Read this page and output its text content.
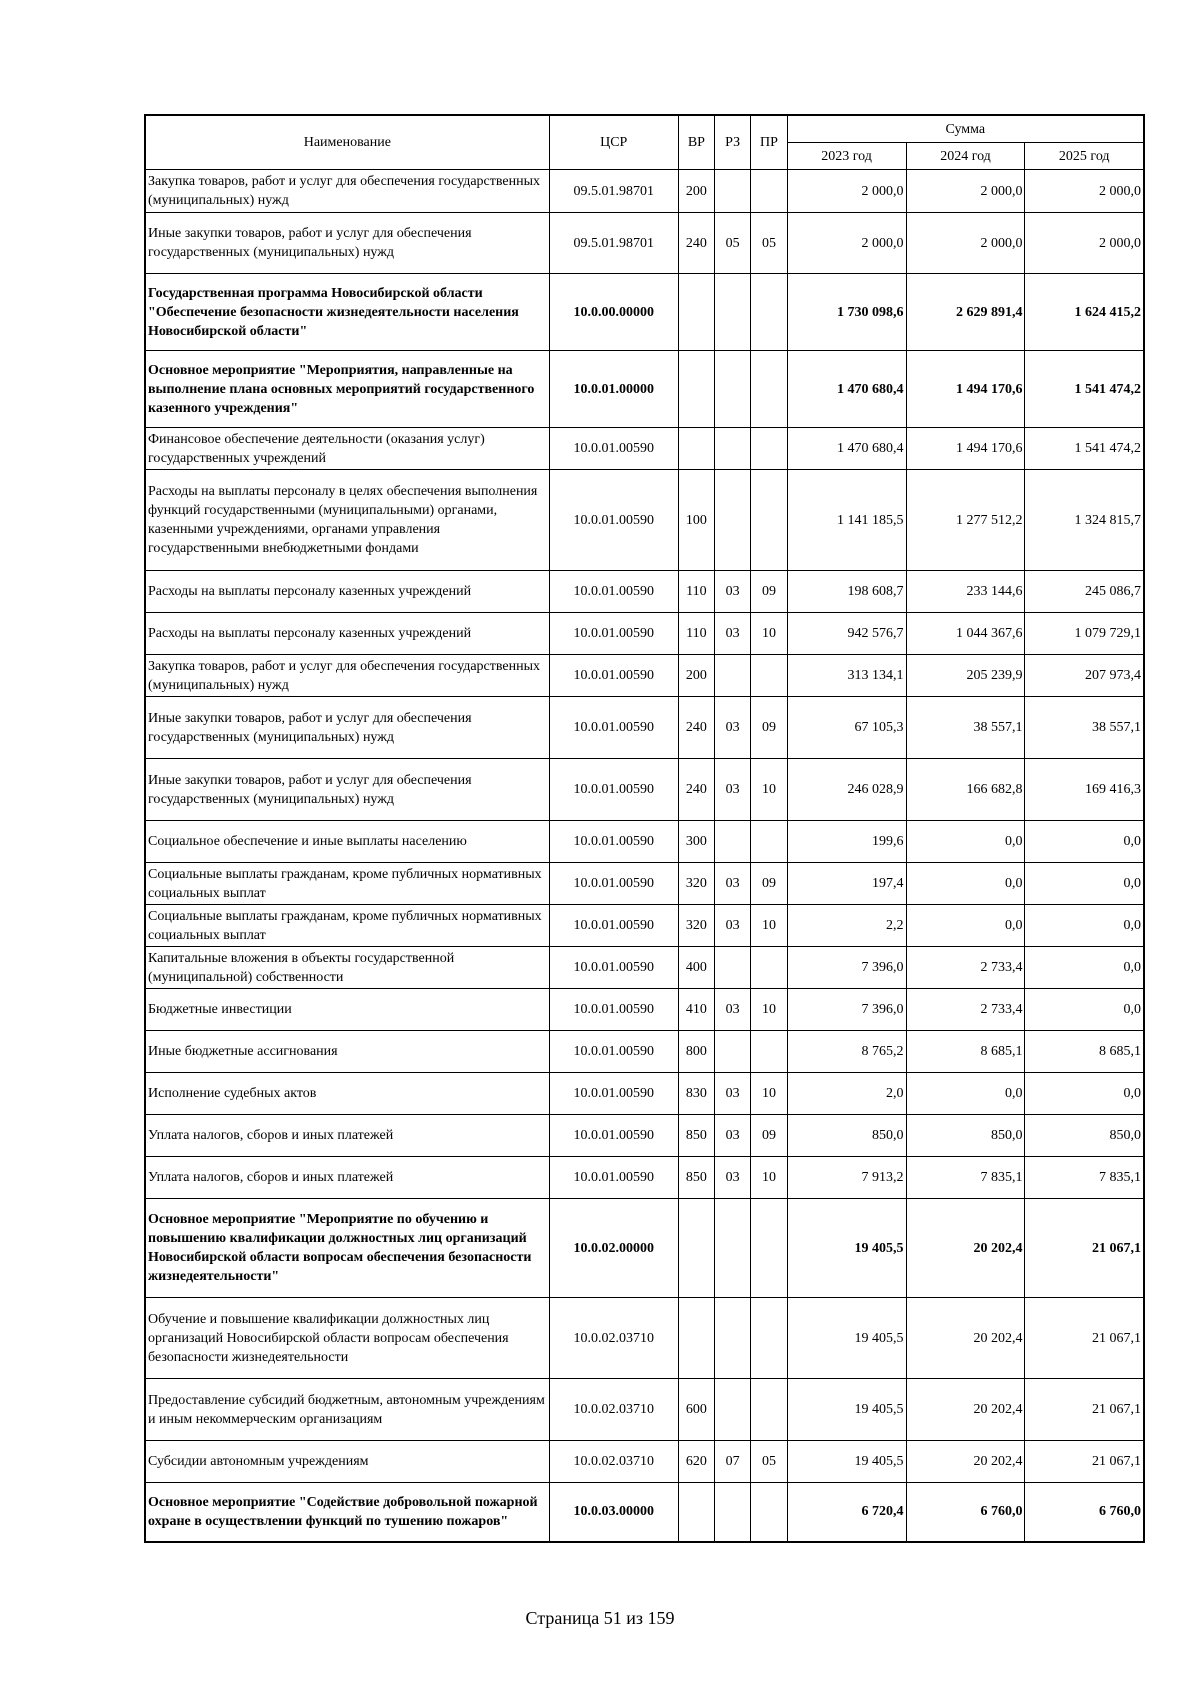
Наименование	ЦСР	ВР	РЗ	ПР	Сумма		
					2023 год	2024 год	2025 год
Закупка товаров, работ и услуг для обеспечения государственных (муниципальных) нужд	09.5.01.98701	200			2 000,0	2 000,0	2 000,0
Иные закупки товаров, работ и услуг для обеспечения государственных (муниципальных) нужд	09.5.01.98701	240	05	05	2 000,0	2 000,0	2 000,0
Государственная программа Новосибирской области "Обеспечение безопасности жизнедеятельности населения Новосибирской области"	10.0.00.00000				1 730 098,6	2 629 891,4	1 624 415,2
Основное мероприятие "Мероприятия, направленные на выполнение плана основных мероприятий государственного казенного учреждения"	10.0.01.00000				1 470 680,4	1 494 170,6	1 541 474,2
Финансовое обеспечение деятельности (оказания услуг) государственных учреждений	10.0.01.00590				1 470 680,4	1 494 170,6	1 541 474,2
Расходы на выплаты персоналу в целях обеспечения выполнения функций государственными (муниципальными) органами, казенными учреждениями, органами управления государственными внебюджетными фондами	10.0.01.00590	100			1 141 185,5	1 277 512,2	1 324 815,7
Расходы на выплаты персоналу казенных учреждений	10.0.01.00590	110	03	09	198 608,7	233 144,6	245 086,7
Расходы на выплаты персоналу казенных учреждений	10.0.01.00590	110	03	10	942 576,7	1 044 367,6	1 079 729,1
Закупка товаров, работ и услуг для обеспечения государственных (муниципальных) нужд	10.0.01.00590	200			313 134,1	205 239,9	207 973,4
Иные закупки товаров, работ и услуг для обеспечения государственных (муниципальных) нужд	10.0.01.00590	240	03	09	67 105,3	38 557,1	38 557,1
Иные закупки товаров, работ и услуг для обеспечения государственных (муниципальных) нужд	10.0.01.00590	240	03	10	246 028,9	166 682,8	169 416,3
Социальное обеспечение и иные выплаты населению	10.0.01.00590	300			199,6	0,0	0,0
Социальные выплаты гражданам, кроме публичных нормативных социальных выплат	10.0.01.00590	320	03	09	197,4	0,0	0,0
Социальные выплаты гражданам, кроме публичных нормативных социальных выплат	10.0.01.00590	320	03	10	2,2	0,0	0,0
Капитальные вложения в объекты государственной (муниципальной) собственности	10.0.01.00590	400			7 396,0	2 733,4	0,0
Бюджетные инвестиции	10.0.01.00590	410	03	10	7 396,0	2 733,4	0,0
Иные бюджетные ассигнования	10.0.01.00590	800			8 765,2	8 685,1	8 685,1
Исполнение судебных актов	10.0.01.00590	830	03	10	2,0	0,0	0,0
Уплата налогов, сборов и иных платежей	10.0.01.00590	850	03	09	850,0	850,0	850,0
Уплата налогов, сборов и иных платежей	10.0.01.00590	850	03	10	7 913,2	7 835,1	7 835,1
Основное мероприятие "Мероприятие по обучению и повышению квалификации должностных лиц организаций Новосибирской области вопросам обеспечения безопасности жизнедеятельности"	10.0.02.00000				19 405,5	20 202,4	21 067,1
Обучение и повышение квалификации должностных лиц организаций Новосибирской области вопросам обеспечения безопасности жизнедеятельности	10.0.02.03710				19 405,5	20 202,4	21 067,1
Предоставление субсидий бюджетным, автономным учреждениям и иным некоммерческим организациям	10.0.02.03710	600			19 405,5	20 202,4	21 067,1
Субсидии автономным учреждениям	10.0.02.03710	620	07	05	19 405,5	20 202,4	21 067,1
Основное мероприятие "Содействие добровольной пожарной охране в осуществлении функций по тушению пожаров"	10.0.03.00000				6 720,4	6 760,0	6 760,0
Страница 51 из 159
